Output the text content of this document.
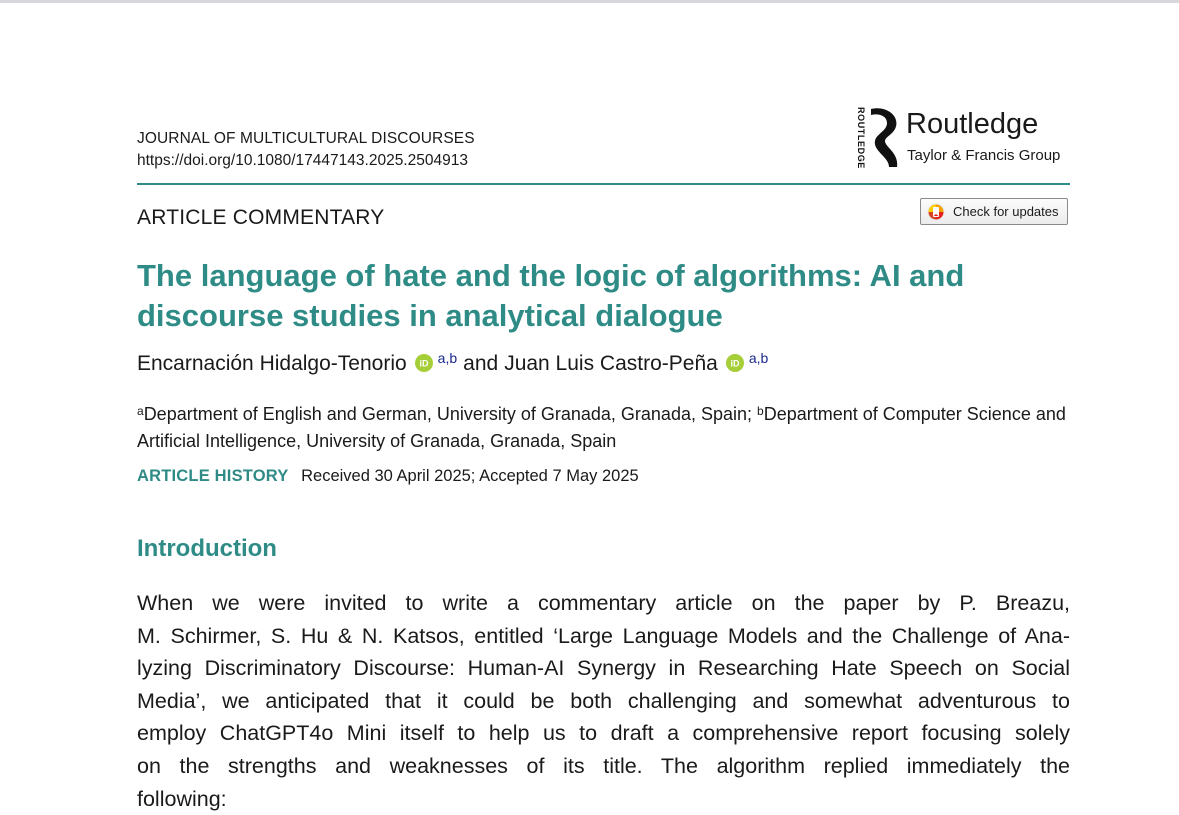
JOURNAL OF MULTICULTURAL DISCOURSES
https://doi.org/10.1080/17447143.2025.2504913	ROUTLEDGE Routledge
Taylor & Francis Group
ARTICLE COMMENTARY	Check for updates
The language of hate and the logic of algorithms: AI and discourse studies in analytical dialogue
Encarnación Hidalgo-Tenorio iD $^{a,b}$ and Juan Luis Castro-Peña iD $^{a,b}$
$^a$Department of English and German, University of Granada, Granada, Spain; $^b$Department of Computer Science and Artificial Intelligence, University of Granada, Granada, Spain
ARTICLE HISTORY Received 30 April 2025; Accepted 7 May 2025
Introduction
When we were invited to write a commentary article on the paper by P. Breazu,
M. Schirmer, S. Hu & N. Katsos, entitled ‘Large Language Models and the Challenge of Ana-
lyzing Discriminatory Discourse: Human-AI Synergy in Researching Hate Speech on Social
Media’, we anticipated that it could be both challenging and somewhat adventurous to
employ ChatGPT4o Mini itself to help us to draft a comprehensive report focusing solely
on the strengths and weaknesses of its title. The algorithm replied immediately the
following:
